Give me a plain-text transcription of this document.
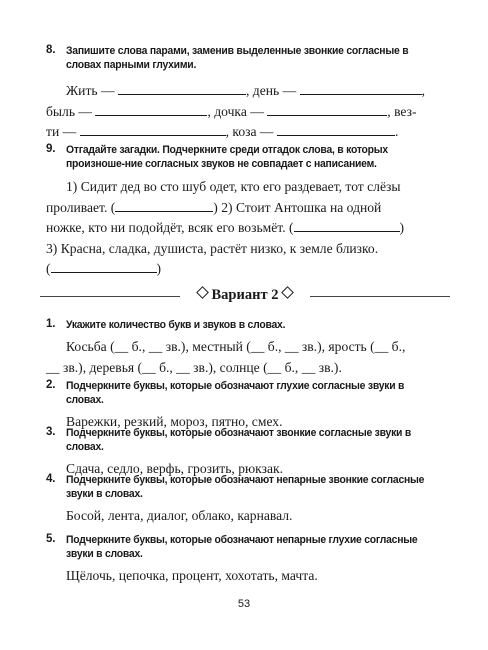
8. Запишите слова парами, заменив выделенные звонкие согласные в словах парными глухими.
Жить —	, день —	,
быль —	, дочка —	, вез-
ти —	, коза —	.
9. Отгадайте загадки. Подчеркните среди отгадок слова, в которых произноше-ние согласных звуков не совпадает с написанием.
1) Сидит дед во сто шуб одет, кто его раздевает, тот слёзы
проливает. (	) 2) Стоит Антошка на одной
ножке, кто ни подойдёт, всяк его возьмёт. (	)
3) Красна, сладка, душиста, растёт низко, к земле близко.
(	)
Вариант 2
1. Укажите количество букв и звуков в словах.
Косьба (__ б., __ зв.), местный (__ б., __ зв.), ярость (__ б.,
__ зв.), деревья (__ б., __ зв.), солнце (__ б., __ зв.).
2. Подчеркните буквы, которые обозначают глухие согласные звуки в словах.
Варежки, резкий, мороз, пятно, смех.
3. Подчеркните буквы, которые обозначают звонкие согласные звуки в словах.
Сдача, седло, верфь, грозить, рюкзак.
4. Подчеркните буквы, которые обозначают непарные звонкие согласные звуки в словах.
Босой, лента, диалог, облако, карнавал.
5. Подчеркните буквы, которые обозначают непарные глухие согласные звуки в словах.
Щёлочь, цепочка, процент, хохотать, мачта.
53
